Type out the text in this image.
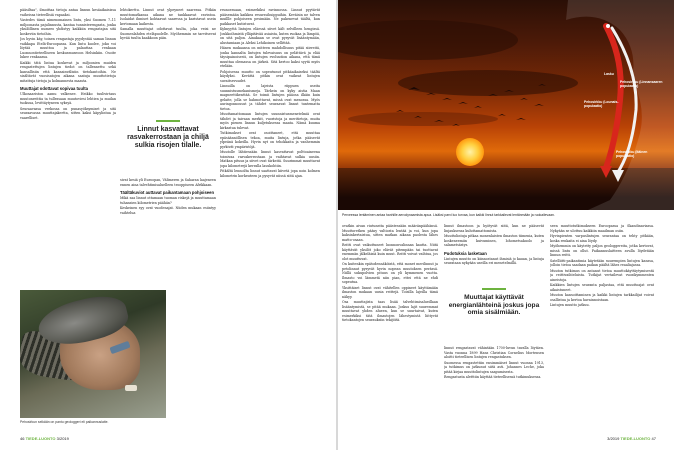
pääsiltaa", ilmoittaa tietoja antaa linnun kesäaikaisissa vaiheissa tieteellisiä vapaaksi.

Vastedes tämä nimenomainen lintu, yksi Suomen 7–11 miljoonasta pajulinnusta, kantaa tunnisterengasta, jonka yksilöllinen numero yhdistyy kaikkiin rengastajan sitä koskeviin tietoihin.

Jos hyvin käy, toinen rengastaja pyydystää saman linnun vaikkapa Etelä-Euroopassa. Kun lintu kuolee, joku voi löytää muuttoa ja palauttaa renkaan Luonnontieteelliseen keskusmuseoon Helsinkiin. Osoite lukee renkaassa.

Kaikki tätä lintua koskevat ja miljoonien muiden rengastettujen lintujen tiedot on tallennettu sekä kansallisiin että kansainvälisiin tietokantoihin. Ne sisältävät vuosisatojen aikana saatuja muuttotietoja mitattuja tietoja ja kolmannesta maasta.

Muuttajat odottavat sopivaa tuulta

Ulkosaariston aamu valkenee. Heikko tuulivirtaus muutonreittia ta tullessaan muutoviesi lehtien ja muilan tuoksua, levittäytyneen syksyä.

Seuraavassa verkossa on punasyöksymiset ja sitä seuraavassa muuttajakertta, sitten kaksi käpylintua ja vaarelliset.

lehtokerttu. Linnut ovat ylpeyneet saaressa. Pitkän muuttomatkansa aikana ne tankkaavat ravintoa. Isolaidat ihmiset kohtaavat saaressa ja karistavat usein kertomaan kaikesta.

Samalla muuttajat odottavat tuulta, joka veisi ne Suomenlahden eteläpuolelle. Myöhemmin ne tarvitsevat hyvää tuulta kaakkoon päin.

Linnut kasvattavat rasvakerrostaan ja chiljä sulkia risojen tilalle.

sivat kesiä yli Euroopan, Välimeren ja Saharan laajeneen ennen aina talvehtimisaluelleen trooppiseen Afrikkaan.

Täältäkuviot auttavat paikantamaan pohjoiseen

Mikä saa linnut ottamaan tuoman riskejä ja muuttamaan tuhansien kilometrien päähän?

Keskeinen syy ovat vuodenajat. Niiden mukaan esiintyy vaihtelua

reunoessaan, esimerkiksi ravinnossa. Linnut pyytävät pääsemään kaikkea resurssihuippuihin. Keväisin ne talven muillle pohjoiseen pesimään. Ne pakenevat täältä, kun paikkaset kutistuvat.

Kylmyyttä lintujen eläessä siivet kält selvilleen hengissä. Joukkoihmistä ylläpitävää asiaista, kuten ruokaa ja lämpöä, on sitä paljon. Ainakaan se ovat pysyvät lisääntymään, alustamiaan ja Aleksi Lehikoinen sellittää.

Hänen mukaansa on mitteen mahdollisuus pitää siirreitä, jonka kannalta lintujen tulevaisuus on pelättävä ja elää täysipainoisesti, on lintujen evoluution aikana, että tämä muuttaa olemassa on järkeä. Sitä kertoo kaksi syytä myös etelään.

Pohjoisessa muutto on sopeutunut pitkäaikaiseksi täältä käydyksi. Kevättä pitkin ovat vaikeat lintujen suvaitsevuudet.

Linnuilla on lajeista riippuen useita suunnistusmekanismeja. Tärkein on kyky aistia Maan magneettikenttää. Se toimii lintujen pääosa ilkäin kuin gelaite, jolla se hahmottavat, missä ovat menossa. Myös auringonnousut ja tähdet seuraavat linnut tuntematta tietoa.

Muuttamattomaan lintujen suunnistusmenetelmiä ovat tähdet ja taivaan merkit, vuoristoja ja meritietoja, muita myös pienen linnun kuljetuksessa maata. Nämä kuuma kirkastua tulevat.

Tutkimukset ovat osoittaneet, että muuttaa epäsäännöllisen tekoa, muita lintuja, jotka pääsevät ylpeänä kokeilla. Hyvin nyt on tehokkaita ja vanhemmin pyrkivät ympäristöjä.

Muutolle lähtiessään linnut kasvattavat polttoaineena toimivaa rasvakerrostaan ja vaihtavat sulkia uusiin. Matkan pituus ja siivet ovat tärkeitä. Suurimmat muuttavat jopa kilometrejä kerralla lasukohtiin.

Pitkältä lennoilta linnut saattavat kiivetä jopa noin kolmen kilometrin korkeuteen ja pysyvät niissä siitä ajan.

Pehosirkun selkään on pantu geologgeri eli paikannuslaite.
46 TIEDE-LUONTO 3/2019
Lasku
Pehosirkku (Linnansaaren populaatio)
Pehosirkku (Lounais-populaatio)
Pehosirkku (Itäinen populaatio)
Perveessa lentäminen antaa hanhille aerodynaamista apua. Lisäksi parvi luo turvaa, kun kaikki linnut tarkkailevat lentänmään ja ruokailevaan.

ovatkin aivan riutuneita päästessään määränpäähänsä. Muuttoretken pääsy valtiosta lentää ja voi, kun jopa kaksinkertaistua, sitten matkan aikana paolesta lähes matto-osaan.

Reitti ovat vaikuttuneet luonnonvalinnan kautta. Niitä käyttävät yksilöt joko elävät pitempään tai tuottavat enemmän jälkeläisiä kuin muut. Reitti voivat vaihtua, jos olot muuttuvat.

On kuitenkin epätodennäköistä, että monet merilinnut ja petolinnut pysyvät hyvin nopean muutoksen perässä. Niillä sukupolvien pituus on yli kymmenen vuotta. Ilmasto voi lämmetä niin pian, ettei että ne ehdi sopeutua.

Yksittäiset linnut ovat vähitellen oppineet käyttämään ilmaston mukaan uusia reittejä. Toisilla lajeilla tämä näkyy.

Osa muuttajista taas lisää talvehtimisalueillaan lisääntymistä, se pitää mukaan. Joskus lajit suuremmat muuttavat yhden alueen, kun se suurtaivat, kuten esimerkiksi tätä ilmastojen lähestymistä liittyvät tietokantojen seurauksiin tekijöitä.

linnut ilmastoon ja hyötyvät siitä, kun ne pääsevät linjauksessa kuluttamattomista.

Muuttolintuja pitkaa monenlaisten ilmaston tiimenia, kuten koskeneemiin kuivuminen, lohometsakuolo ja salametsästys.

Pudotuksia lasketaan

Lintujen muutto on kiinnostanut ihmisiä jo kauan, ja lintuja seurataan nykyään useilla eri menetelmillä.

Muuttajat käyttävät energianlähteinä joskus jopa omia sisälmiään.

linnut rengastavat vähintään 1700-luvun tavalla löytäen. Vasta vuonna 1899 Hans Christian Cornelius Mortensen aloitti tieteellisen lintujen rengastuksen.

Suomessa rengastettiin ensimmäiset linnut vuonna 1913, ja tutkimus on jatkunut siitä asti. Johannes Leche, joka pitää kirjaa muuttolintujen saapumisesta.

Rengastusta aletttiin käyttää tieteellisessä tutkimuksessa.

seen muuttotutkimukseen Euroopassa ja Skandinaviassa. Nykyään se ulottuu kaikkiin maailman osiin.

Hyvinpienten varpuslintujen seurantaa on tehty pitkään, koska renkaita ei aina löydy.

Myöhemmin on käytetty paljon geologgereita, jotka kertovat, missä lintu on ollut. Paikannuslaitteen avulla löydetään linnun reitti.

Satelliitti-paikantimia käytetään suurempien lintujen kanssa, jolloin tietoa saadaan paikan päältä lähes reaaliajassa.

Muuton tutkimus on antanut tietoa muuttokäyttäytymisestä ja reittivaihteluista. Tutkijat vertailevat vuosikymmenten aineistoja.

Kaikkien lintujen seuranta paljastaa, että muuttoajat ovat aikaistuneet.

Muuton kansoittaminen ja kaikki lintujen tarkkailijat voivat osallistua ja kertoa havainnoistaan.

Lintujen muutto jatkuu.

3/2019 TIEDE-LUONTO 47
